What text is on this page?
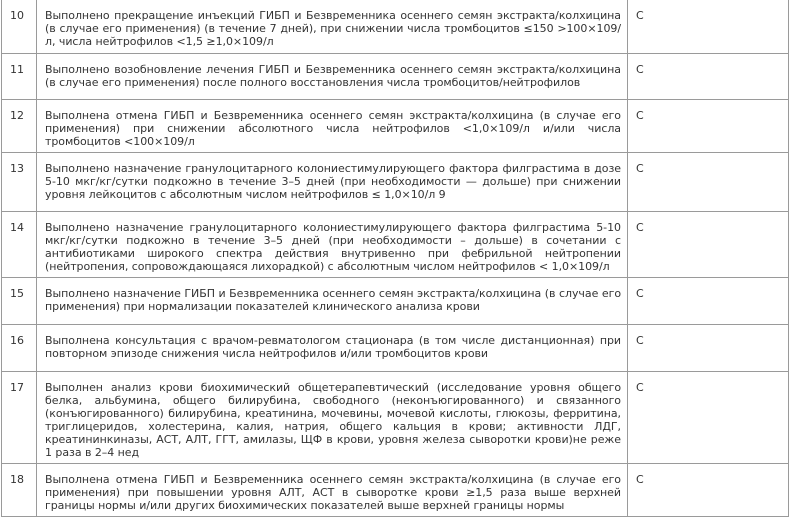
10	Выполнено прекращение инъекций ГИБП и Безвременника осеннего семян экстракта/колхицина (в случае его применения) (в течение 7 дней), при снижении числа тромбоцитов ≤150 >100×109/л, числа нейтрофилов <1,5 ≥1,0×109/л	С
11	Выполнено возобновление лечения ГИБП и Безвременника осеннего семян экстракта/колхицина (в случае его применения) после полного восстановления числа тромбоцитов/нейтрофилов	С
12	Выполнена отмена ГИБП и Безвременника осеннего семян экстракта/колхицина (в случае его применения) при снижении абсолютного числа нейтрофилов <1,0×109/л и/или числа тромбоцитов <100×109/л	С
13	Выполнено назначение гранулоцитарного колониестимулирующего фактора филграстима в дозе 5-10 мкг/кг/сутки подкожно в течение 3–5 дней (при необходимости — дольше) при снижении уровня лейкоцитов с абсолютным числом нейтрофилов ≤ 1,0×10/л 9	С
14	Выполнено назначение гранулоцитарного колониестимулирующего фактора филграстима 5-10 мкг/кг/сутки подкожно в течение 3–5 дней (при необходимости – дольше) в сочетании с антибиотиками широкого спектра действия внутривенно при фебрильной нейтропении (нейтропения, сопровождающаяся лихорадкой) с абсолютным числом нейтрофилов < 1,0×109/л	С
15	Выполнено назначение ГИБП и Безвременника осеннего семян экстракта/колхицина (в случае его применения) при нормализации показателей клинического анализа крови	С
16	Выполнена консультация с врачом-ревматологом стационара (в том числе дистанционная) при повторном эпизоде снижения числа нейтрофилов и/или тромбоцитов крови	С
17	Выполнен анализ крови биохимический общетерапевтический (исследование уровня общего белка, альбумина, общего билирубина, свободного (неконъюгированного) и связанного (конъюгированного) билирубина, креатинина, мочевины, мочевой кислоты, глюкозы, ферритина, триглицеридов, холестерина, калия, натрия, общего кальция в крови; активности ЛДГ, креатининкиназы, АСТ, АЛТ, ГГТ, амилазы, ЩФ в крови, уровня железа сыворотки крови)не реже 1 раза в 2–4 нед	С
18	Выполнена отмена ГИБП и Безвременника осеннего семян экстракта/колхицина (в случае его применения) при повышении уровня АЛТ, АСТ в сыворотке крови ≥1,5 раза выше верхней границы нормы и/или других биохимических показателей выше верхней границы нормы	С
